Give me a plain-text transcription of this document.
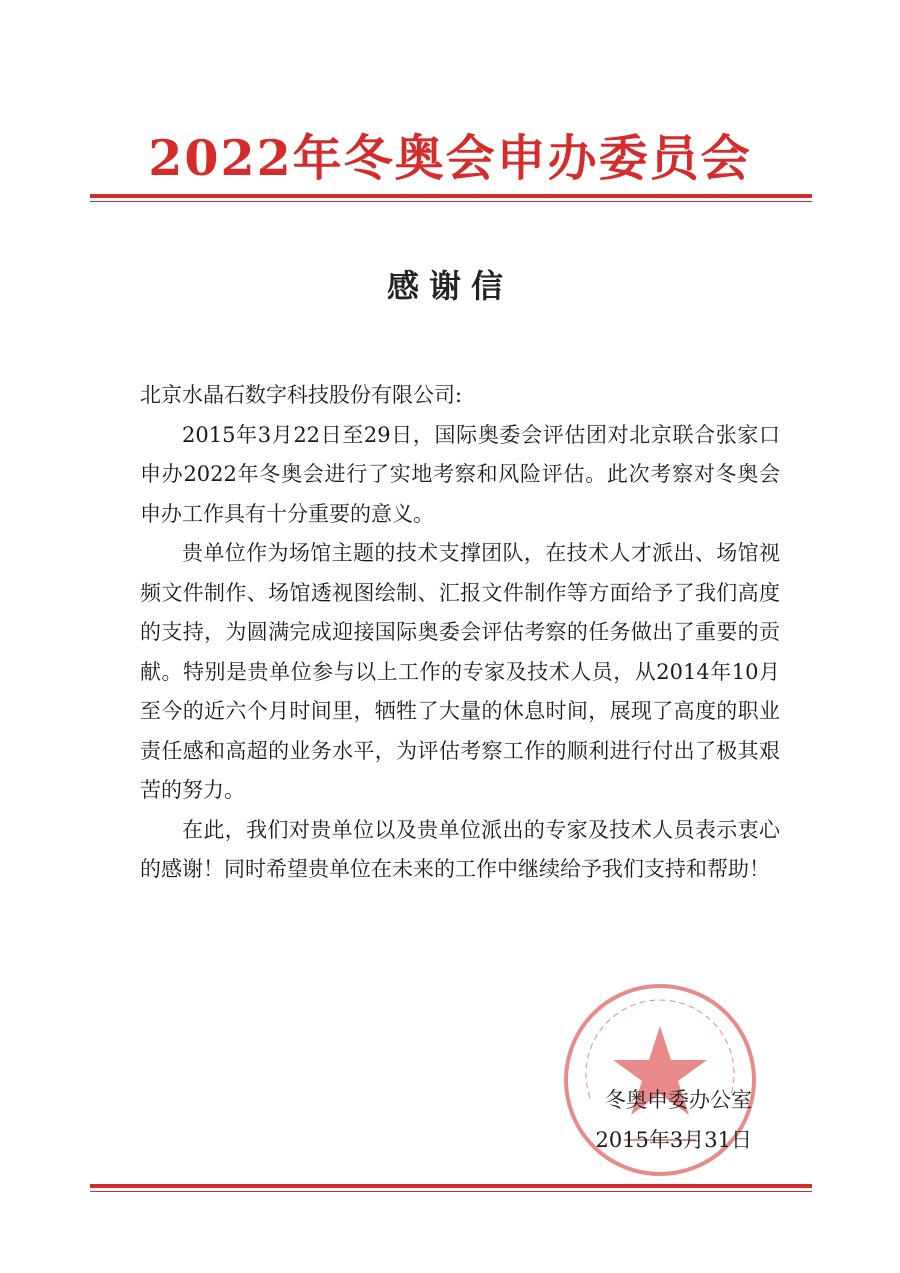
2022年冬奥会申办委员会
感谢信

北京水晶石数字科技股份有限公司:

2015年3月22日至29日，国际奥委会评估团对北京联合张家口申办2022年冬奥会进行了实地考察和风险评估。此次考察对冬奥会申办工作具有十分重要的意义。

贵单位作为场馆主题的技术支撑团队，在技术人才派出、场馆视频文件制作、场馆透视图绘制、汇报文件制作等方面给予了我们高度的支持，为圆满完成迎接国际奥委会评估考察的任务做出了重要的贡献。特别是贵单位参与以上工作的专家及技术人员，从2014年10月至今的近六个月时间里，牺牲了大量的休息时间，展现了高度的职业责任感和高超的业务水平，为评估考察工作的顺利进行付出了极其艰苦的努力。

在此，我们对贵单位以及贵单位派出的专家及技术人员表示衷心的感谢！同时希望贵单位在未来的工作中继续给予我们支持和帮助！

冬奥申委办公室
2015年3月31日
